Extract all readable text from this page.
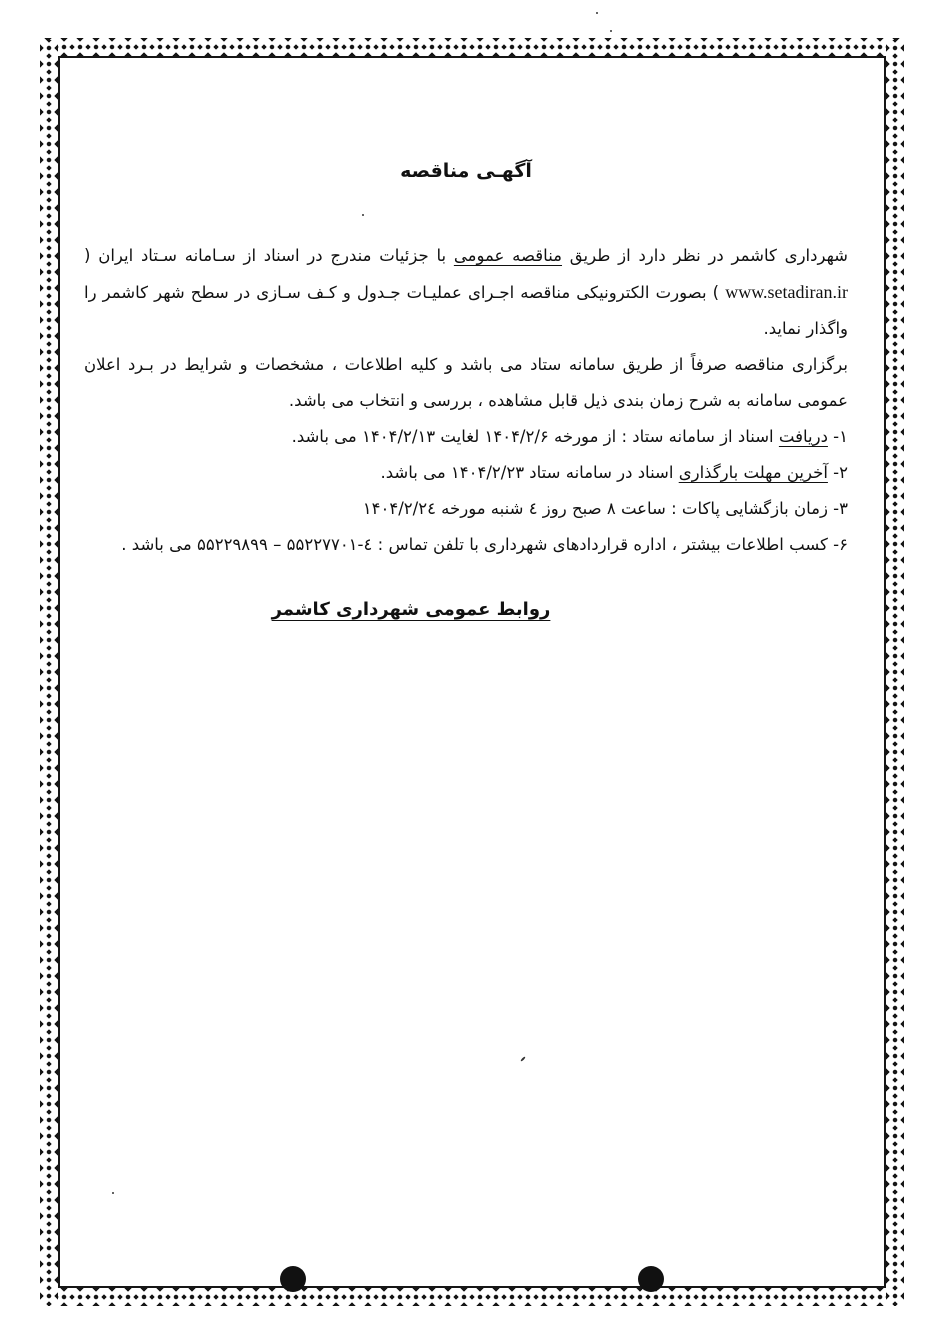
آگهـی مناقصه

شهرداری کاشمر در نظر دارد از طریق مناقصه عمومی با جزئیات مندرج در اسناد از سـامانه سـتاد ایران ( www.setadiran.ir ) بصورت الکترونیکی مناقصه اجـرای عملیـات جـدول و کـف سـازی در سطح شهر کاشمر را واگذار نماید.

برگزاری مناقصه صرفاً از طریق سامانه ستاد می باشد و کلیه اطلاعات ، مشخصات و شرایط در بـرد اعلان عمومی سامانه به شرح زمان بندی ذیل قابل مشاهده ، بررسی و انتخاب می باشد.

۱- دریافت اسناد از سامانه ستاد : از مورخه ۱۴۰۴/۲/۶ لغایت ۱۴۰۴/۲/۱۳ می باشد.

۲- آخرین مهلت بارگذاری اسناد در سامانه ستاد ۱۴۰۴/۲/۲۳ می باشد.

۳- زمان بازگشایی پاکات : ساعت ۸ صبح روز ٤ شنبه مورخه ۱۴۰۴/۲/۲٤

۶- کسب اطلاعات بیشتر ، اداره قراردادهای شهرداری با تلفن تماس : ٤-۵۵۲۲۷۷۰۱ – ۵۵۲۲۹۸۹۹ می باشد .

روابط عمومی شهرداری کاشمر
